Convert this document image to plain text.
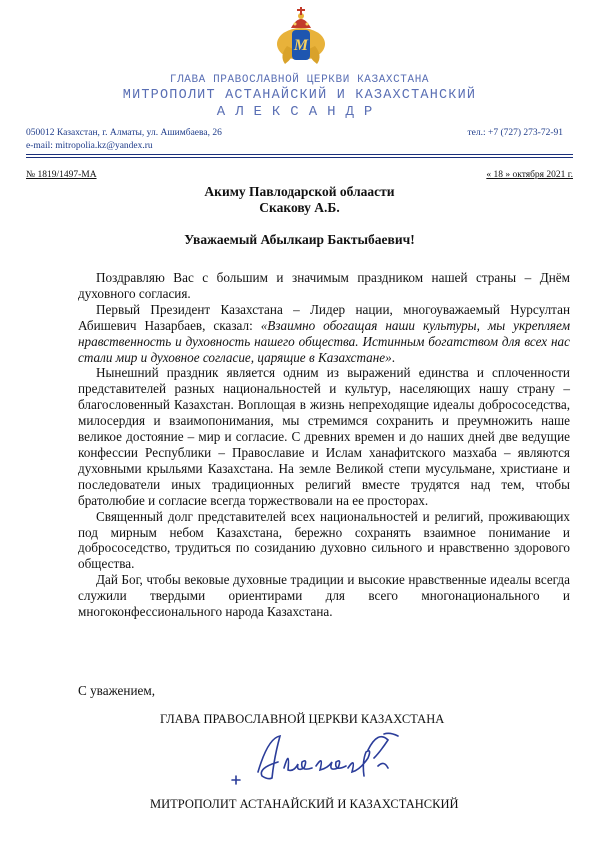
M
ГЛАВА ПРАВОСЛАВНОЙ ЦЕРКВИ КАЗАХСТАНА
МИТРОПОЛИТ АСТАНАЙСКИЙ И КАЗАХСТАНСКИЙ
АЛЕКСАНДР
050012 Казахстан, г. Алматы, ул. Ашимбаева, 26
e-mail: mitropolia.kz@yandex.ru
тел.: +7 (727) 273-72-91
№ 1819/1497-МА	« 18 » октября 2021 г.
Акиму Павлодарской облаасти
Скакову А.Б.
Уважаемый Абылкаир Бактыбаевич!

Поздравляю Вас с большим и значимым праздником нашей страны – Днём духовного согласия.

Первый Президент Казахстана – Лидер нации, многоуважаемый Нурсултан Абишевич Назарбаев, сказал: «Взаимно обогащая наши культуры, мы укрепляем нравственность и духовность нашего общества. Истинным богатством для всех нас стали мир и духовное согласие, царящие в Казахстане».

Нынешний праздник является одним из выражений единства и сплоченности представителей разных национальностей и культур, населяющих нашу страну – благословенный Казахстан. Воплощая в жизнь непреходящие идеалы добрососедства, милосердия и взаимопонимания, мы стремимся сохранить и преумножить наше великое достояние – мир и согласие. С древних времен и до наших дней две ведущие конфессии Республики – Православие и Ислам ханафитского мазхаба – являются духовными крыльями Казахстана. На земле Великой степи мусульмане, христиане и последователи иных традиционных религий вместе трудятся над тем, чтобы братолюбие и согласие всегда торжествовали на ее просторах.

Священный долг представителей всех национальностей и религий, проживающих под мирным небом Казахстана, бережно сохранять взаимное понимание и добрососедство, трудиться по созиданию духовно сильного и нравственно здорового общества.

Дай Бог, чтобы вековые духовные традиции и высокие нравственные идеалы всегда служили твердыми ориентирами для всего многонационального и многоконфессионального народа Казахстана.

С уважением,
ГЛАВА ПРАВОСЛАВНОЙ ЦЕРКВИ КАЗАХСТАНА
МИТРОПОЛИТ АСТАНАЙСКИЙ И КАЗАХСТАНСКИЙ
